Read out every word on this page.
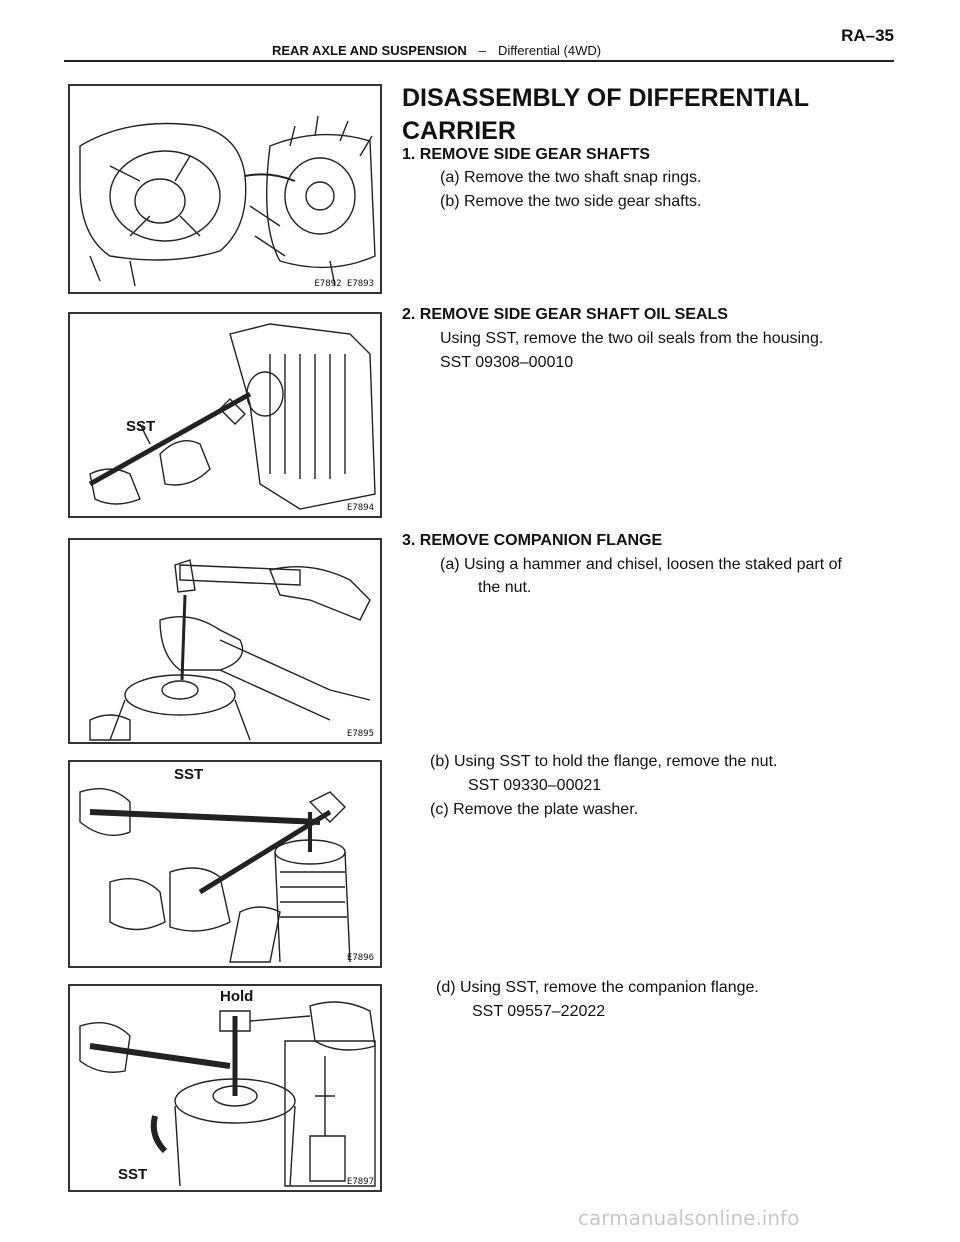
REAR AXLE AND SUSPENSION – Differential (4WD)
RA–35
E7892 E7893
SST
E7894
E7895
SST
E7896
Hold
SST	E7897
DISASSEMBLY OF DIFFERENTIAL CARRIER
1. REMOVE SIDE GEAR SHAFTS
(a) Remove the two shaft snap rings.
(b) Remove the two side gear shafts.
2. REMOVE SIDE GEAR SHAFT OIL SEALS
Using SST, remove the two oil seals from the housing.
SST 09308–00010
3. REMOVE COMPANION FLANGE
(a) Using a hammer and chisel, loosen the staked part of
the nut.
(b) Using SST to hold the flange, remove the nut.
SST 09330–00021
(c) Remove the plate washer.
(d) Using SST, remove the companion flange.
SST 09557–22022
carmanualsonline.info
